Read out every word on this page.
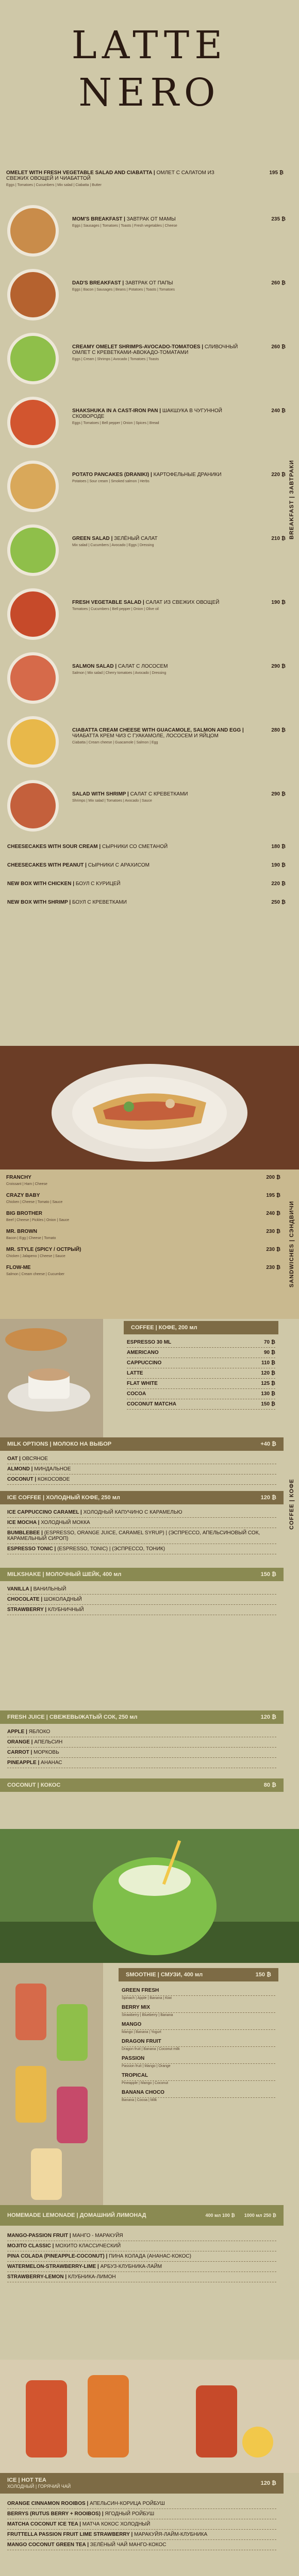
LATTE
NERO
BREAKFAST | ЗАВТРАКИ
OMELET WITH FRESH VEGETABLE SALAD AND CIABATTA | ОМЛЕТ С САЛАТОМ ИЗ СВЕЖИХ ОВОЩЕЙ И ЧИАБАТТОЙ
Eggs | Tomatoes | Cucumbers | Mix salad | Ciabatta | Butter
195 ₿
MOM'S BREAKFAST | ЗАВТРАК ОТ МАМЫ
Eggs | Sausages | Tomatoes | Toasts | Fresh vegetables | Cheese
235 ₿
DAD'S BREAKFAST | ЗАВТРАК ОТ ПАПЫ
Eggs | Bacon | Sausages | Beans | Potatoes | Toasts | Tomatoes
260 ₿
CREAMY OMELET SHRIMPS-AVOCADO-TOMATOES | СЛИВОЧНЫЙ ОМЛЕТ С КРЕВЕТКАМИ-АВОКАДО-ТОМАТАМИ
Eggs | Cream | Shrimps | Avocado | Tomatoes | Toasts
260 ₿
SHAKSHUKA IN A CAST-IRON PAN | ШАКШУКА В ЧУГУННОЙ СКОВОРОДЕ
Eggs | Tomatoes | Bell pepper | Onion | Spices | Bread
240 ₿
POTATO PANCAKES (DRANIKI) | КАРТОФЕЛЬНЫЕ ДРАНИКИ
Potatoes | Sour cream | Smoked salmon | Herbs
220 ₿
GREEN SALAD | ЗЕЛЁНЫЙ САЛАТ
Mix salad | Cucumbers | Avocado | Eggs | Dressing
210 ₿
FRESH VEGETABLE SALAD | САЛАТ ИЗ СВЕЖИХ ОВОЩЕЙ
Tomatoes | Cucumbers | Bell pepper | Onion | Olive oil
190 ₿
SALMON SALAD | САЛАТ С ЛОСОСЕМ
Salmon | Mix salad | Cherry tomatoes | Avocado | Dressing
290 ₿
CIABATTA CREAM CHEESE WITH GUACAMOLE, SALMON AND EGG | ЧИАБАТТА КРЕМ ЧИЗ С ГУАКАМОЛЕ, ЛОСОСЕМ И ЯЙЦОМ
Ciabatta | Cream cheese | Guacamole | Salmon | Egg
280 ₿
SALAD WITH SHRIMP | САЛАТ С КРЕВЕТКАМИ
Shrimps | Mix salad | Tomatoes | Avocado | Sauce
290 ₿
CHEESECAKES WITH SOUR CREAM | СЫРНИКИ СО СМЕТАНОЙ	180 ₿
CHEESECAKES WITH PEANUT | СЫРНИКИ С АРАХИСОМ	190 ₿
NEW BOX WITH CHICKEN | БОУЛ С КУРИЦЕЙ	220 ₿
NEW BOX WITH SHRIMP | БОУЛ С КРЕВЕТКАМИ	250 ₿
SANDWICHES | СЭНДВИЧИ
FRANCHY
Croissant | Ham | Cheese
200 ₿
CRAZY BABY
Chicken | Cheese | Tomato | Sauce
195 ₿
BIG BROTHER
Beef | Cheese | Pickles | Onion | Sauce
240 ₿
MR. BROWN
Bacon | Egg | Cheese | Tomato
230 ₿
MR. STYLE (SPICY / ОСТРЫЙ)
Chicken | Jalapeno | Cheese | Sauce
230 ₿
FLOW-ME
Salmon | Cream cheese | Cucumber
230 ₿
COFFEE | КОФЕ
COFFEE | КОФЕ, 200 мл
ESPRESSO 30 ML	70 ₿
AMERICANO	90 ₿
CAPPUCCINO	110 ₿
LATTE	120 ₿
FLAT WHITE	125 ₿
COCOA	130 ₿
COCONUT MATCHA	150 ₿
MILK OPTIONS | МОЛОКО НА ВЫБОР	+40 ₿
OAT | ОВСЯНОЕ
ALMOND | МИНДАЛЬНОЕ
COCONUT | КОКОСОВОЕ
ICE COFFEE | ХОЛОДНЫЙ КОФЕ, 250 мл	120 ₿
ICE CAPPUCCINO CARAMEL | ХОЛОДНЫЙ КАПУЧИНО С КАРАМЕЛЬЮ
ICE MOCHA | ХОЛОДНЫЙ МОККА
BUMBLEBEE | (ESPRESSO, ORANGE JUICE, CARAMEL SYRUP) | (ЭСПРЕССО, АПЕЛЬСИНОВЫЙ СОК, КАРАМЕЛЬНЫЙ СИРОП)
ESPRESSO TONIC | (ESPRESSO, TONIC) | (ЭСПРЕССО, ТОНИК)
MILKSHAKE | МОЛОЧНЫЙ ШЕЙК, 400 мл	150 ₿
VANILLA | ВАНИЛЬНЫЙ
CHOCOLATE | ШОКОЛАДНЫЙ
STRAWBERRY | КЛУБНИЧНЫЙ
FRESH JUICE | СВЕЖЕВЫЖАТЫЙ СОК, 250 мл	120 ₿
APPLE | ЯБЛОКО
ORANGE | АПЕЛЬСИН
CARROT | МОРКОВЬ
PINEAPPLE | АНАНАС
COCONUT | КОКОС	80 ₿
SMOOTHIE | СМУЗИ, 400 мл	150 ₿
GREEN FRESH
Spinach | Apple | Banana | Kiwi
BERRY MIX
Strawberry | Blueberry | Banana
MANGO
Mango | Banana | Yogurt
DRAGON FRUIT
Dragon fruit | Banana | Coconut milk
PASSION
Passion fruit | Mango | Orange
TROPICAL
Pineapple | Mango | Coconut
BANANA CHOCO
Banana | Cocoa | Milk
HOMEMADE LEMONADE | ДОМАШНИЙ ЛИМОНАД	400 мл 100 ₿ 1000 мл 250 ₿
MANGO-PASSION FRUIT | МАНГО - МАРАКУЙЯ
MOJITO CLASSIC | МОХИТО КЛАССИЧЕСКИЙ
PINA COLADA (PINEAPPLE-COCONUT) | ПИНА КОЛАДА (АНАНАС-КОКОС)
WATERMELON-STRAWBERRY-LIME | АРБУЗ-КЛУБНИКА-ЛАЙМ
STRAWBERRY-LEMON | КЛУБНИКА-ЛИМОН
ICE | HOT TEA
ХОЛОДНЫЙ | ГОРЯЧИЙ ЧАЙ	120 ₿
ORANGE CINNAMON ROOIBOS | АПЕЛЬСИН-КОРИЦА РОЙБУШ
BERRYS (RUTUS BERRY + ROOIBOS) | ЯГОДНЫЙ РОЙБУШ
MATCHA COCONUT ICE TEA | МАТЧА КОКОС ХОЛОДНЫЙ
FRUTTELLA PASSION FRUIT LIME STRAWBERRY | МАРАКУЙЯ-ЛАЙМ-КЛУБНИКА
MANGO COCONUT GREEN TEA | ЗЕЛЁНЫЙ ЧАЙ МАНГО-КОКОС
